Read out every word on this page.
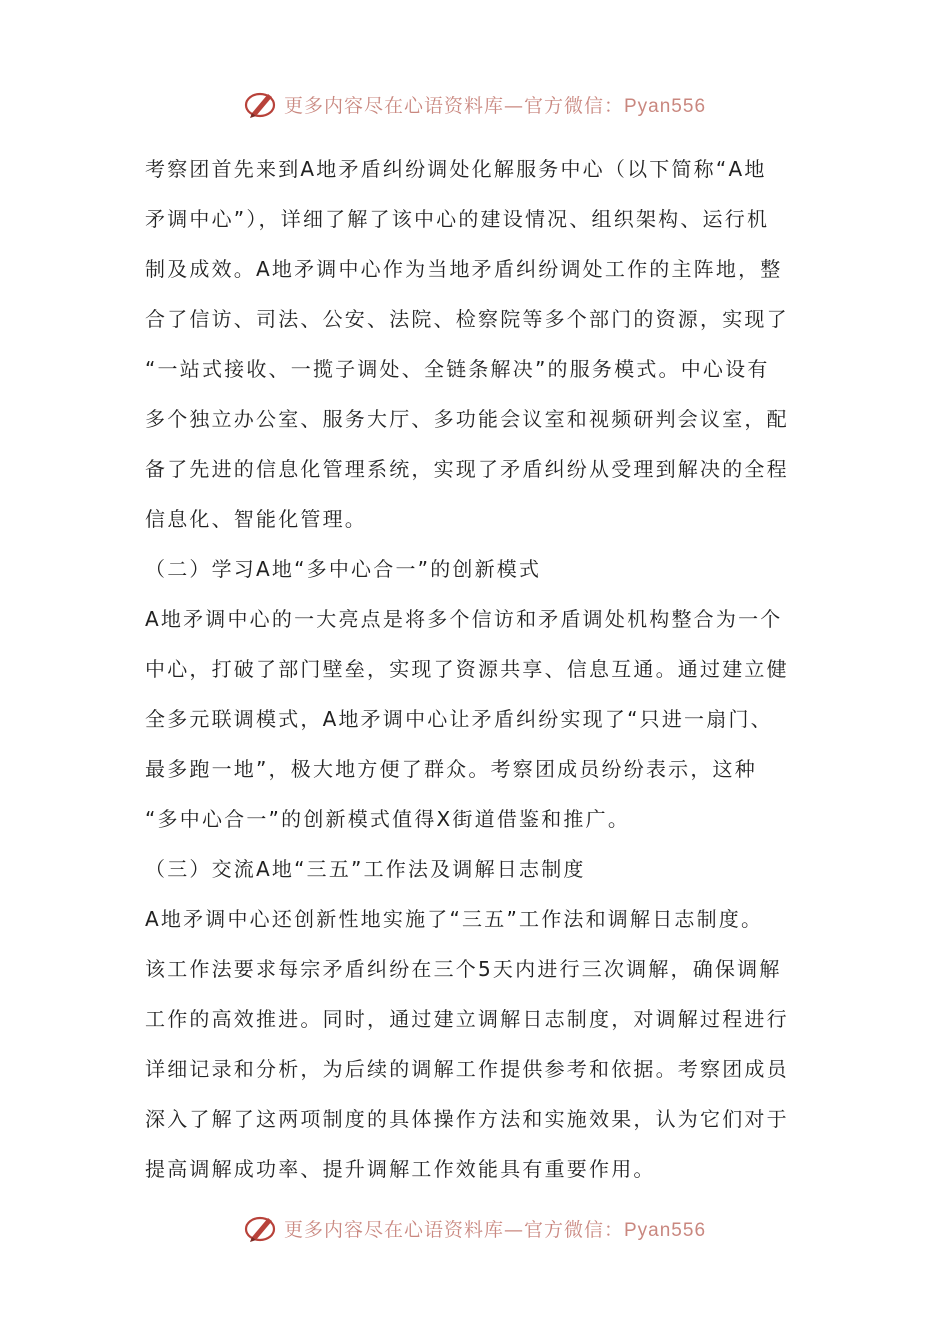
更多内容尽在心语资料库—官方微信：Pyan556
考察团首先来到A地矛盾纠纷调处化解服务中心（以下简称“A地
矛调中心”），详细了解了该中心的建设情况、组织架构、运行机
制及成效。A地矛调中心作为当地矛盾纠纷调处工作的主阵地，整
合了信访、司法、公安、法院、检察院等多个部门的资源，实现了
“一站式接收、一揽子调处、全链条解决”的服务模式。中心设有
多个独立办公室、服务大厅、多功能会议室和视频研判会议室，配
备了先进的信息化管理系统，实现了矛盾纠纷从受理到解决的全程
信息化、智能化管理。
（二）学习A地“多中心合一”的创新模式
A地矛调中心的一大亮点是将多个信访和矛盾调处机构整合为一个
中心，打破了部门壁垒，实现了资源共享、信息互通。通过建立健
全多元联调模式，A地矛调中心让矛盾纠纷实现了“只进一扇门、
最多跑一地”，极大地方便了群众。考察团成员纷纷表示，这种
“多中心合一”的创新模式值得X街道借鉴和推广。
（三）交流A地“三五”工作法及调解日志制度
A地矛调中心还创新性地实施了“三五”工作法和调解日志制度。
该工作法要求每宗矛盾纠纷在三个5天内进行三次调解，确保调解
工作的高效推进。同时，通过建立调解日志制度，对调解过程进行
详细记录和分析，为后续的调解工作提供参考和依据。考察团成员
深入了解了这两项制度的具体操作方法和实施效果，认为它们对于
提高调解成功率、提升调解工作效能具有重要作用。
更多内容尽在心语资料库—官方微信：Pyan556
